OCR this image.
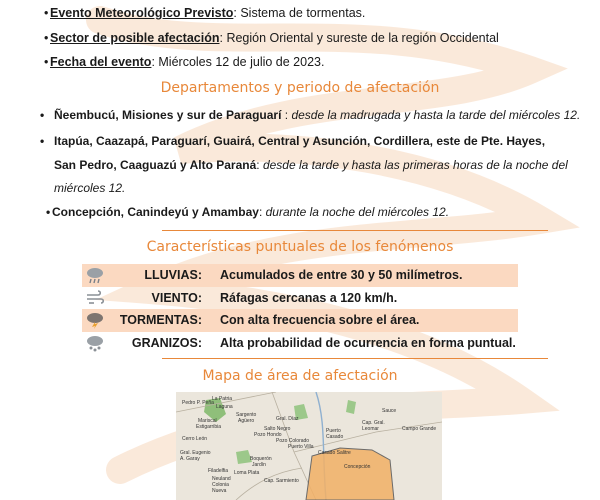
• Evento Meteorológico Previsto: Sistema de tormentas.
• Sector de posible afectación: Región Oriental y sureste de la región Occidental
• Fecha del evento: Miércoles 12 de julio de 2023.
Departamentos y periodo de afectación
• Ñeembucú, Misiones y sur de Paraguarí : desde la madrugada y hasta la tarde del miércoles 12.
• Itapúa, Caazapá, Paraguarí, Guairá, Central y Asunción, Cordillera, este de Pte. Hayes,
San Pedro, Caaguazú y Alto Paraná: desde la tarde y hasta las primeras horas de la noche del
miércoles 12.
• Concepción, Canindeyú y Amambay: durante la noche del miércoles 12.
Características puntuales de los fenómenos
LLUVIAS: Acumulados de entre 30 y 50 milímetros.
VIENTO: Ráfagas cercanas a 120 km/h.
TORMENTAS: Con alta frecuencia sobre el área.
GRANIZOS: Alta probabilidad de ocurrencia en forma puntual.
Mapa de área de afectación
Pedro P. Peña
La Patria
Laguna
Mariscal
Estigarribia
Cerro León
Sargento
Agüero
Salto Negro
Boquerón
Jardín
Pozo Colorado
Filadelfia Loma Plata
Neuland
Colonia
Nueva
Gral. Díaz
Pozo Hondo
Cap. Sarmiento
Gral. Eugenio
A. Garay
Sauce
Cap. Gral.
Leomar	Campo Grande
Puerto
Casado
Casado Salitre
Concepción
Puerto Villa
